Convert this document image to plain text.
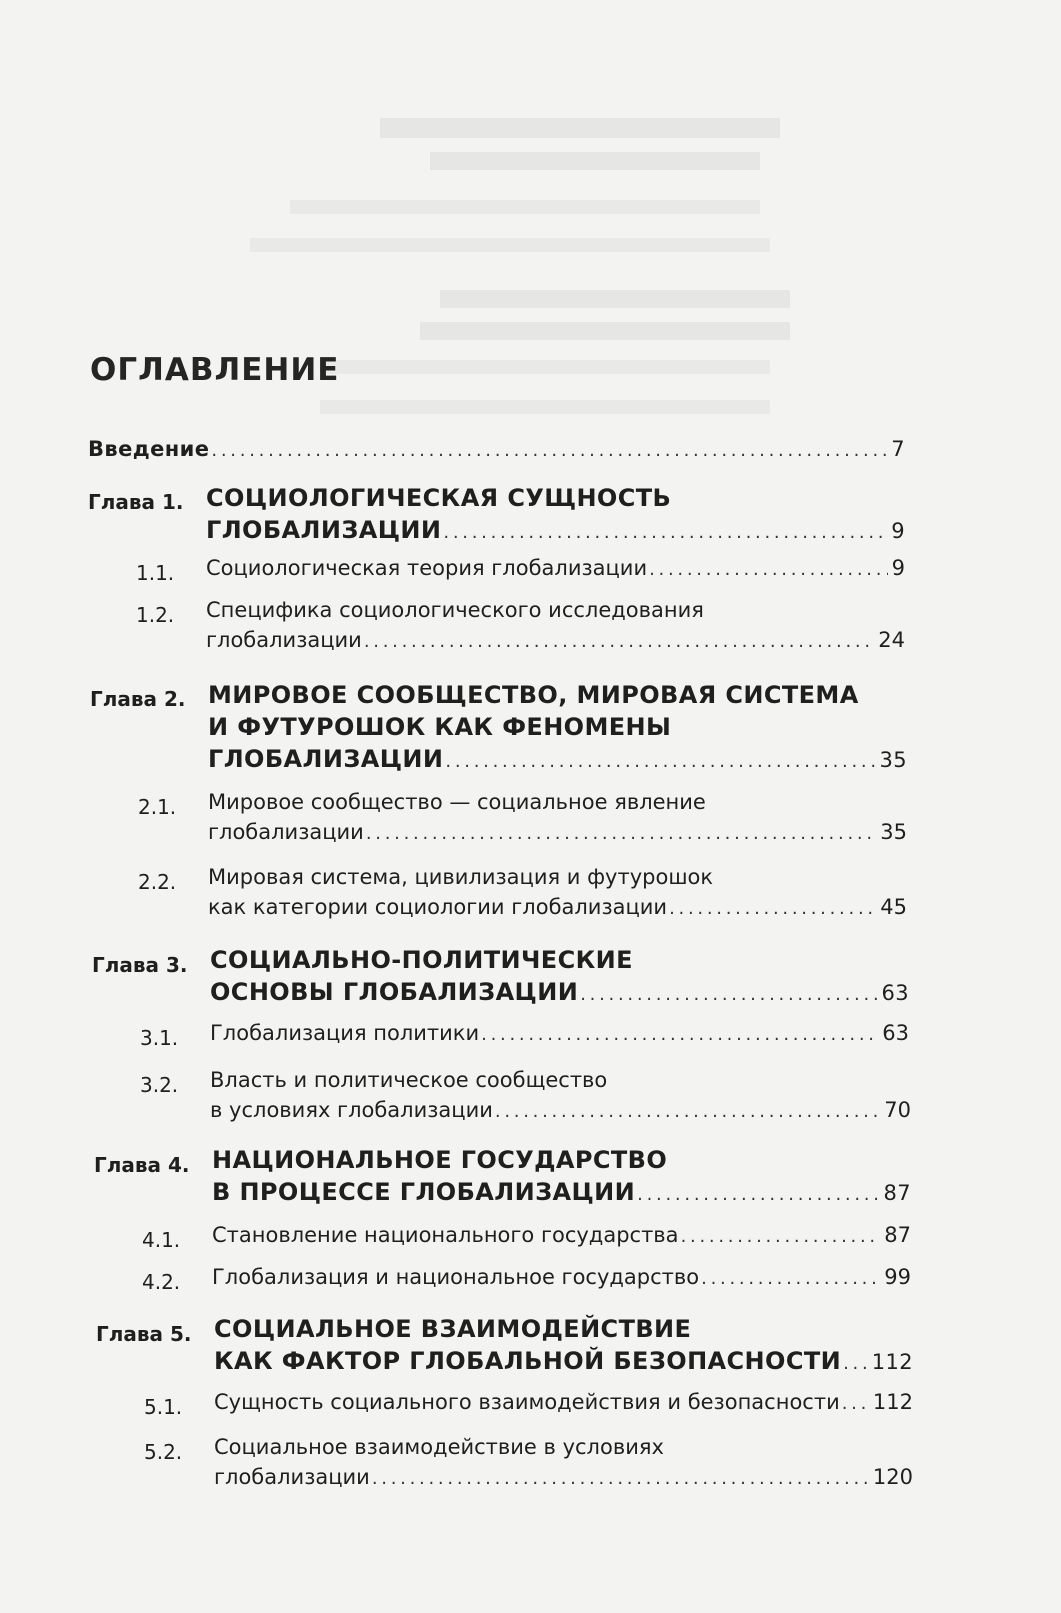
ОГЛАВЛЕНИЕ
Введение . . .	7
Глава 1. СОЦИОЛОГИЧЕСКАЯ СУЩНОСТЬ
ГЛОБАЛИЗАЦИИ . . .	9
1.1. Социологическая теория глобализации . . .	9
1.2. Специфика социологического исследования
глобализации . . .	24
Глава 2. МИРОВОЕ СООБЩЕСТВО, МИРОВАЯ СИСТЕМА
И ФУТУРОШОК КАК ФЕНОМЕНЫ
ГЛОБАЛИЗАЦИИ . . .	35
2.1. Мировое сообщество — социальное явление
глобализации . . .	35
2.2. Мировая система, цивилизация и футурошок
как категории социологии глобализации . . .	45
Глава 3. СОЦИАЛЬНО-ПОЛИТИЧЕСКИЕ
ОСНОВЫ ГЛОБАЛИЗАЦИИ . . .	63
3.1. Глобализация политики . . .	63
3.2. Власть и политическое сообщество
в условиях глобализации . . .	70
Глава 4. НАЦИОНАЛЬНОЕ ГОСУДАРСТВО
В ПРОЦЕССЕ ГЛОБАЛИЗАЦИИ . . .	87
4.1. Становление национального государства . . .	87
4.2. Глобализация и национальное государство . . .	99
Глава 5. СОЦИАЛЬНОЕ ВЗАИМОДЕЙСТВИЕ
КАК ФАКТОР ГЛОБАЛЬНОЙ БЕЗОПАСНОСТИ . . . 112
5.1. Сущность социального взаимодействия и безопасности . . . 112
5.2. Социальное взаимодействие в условиях
глобализации . . .	120
